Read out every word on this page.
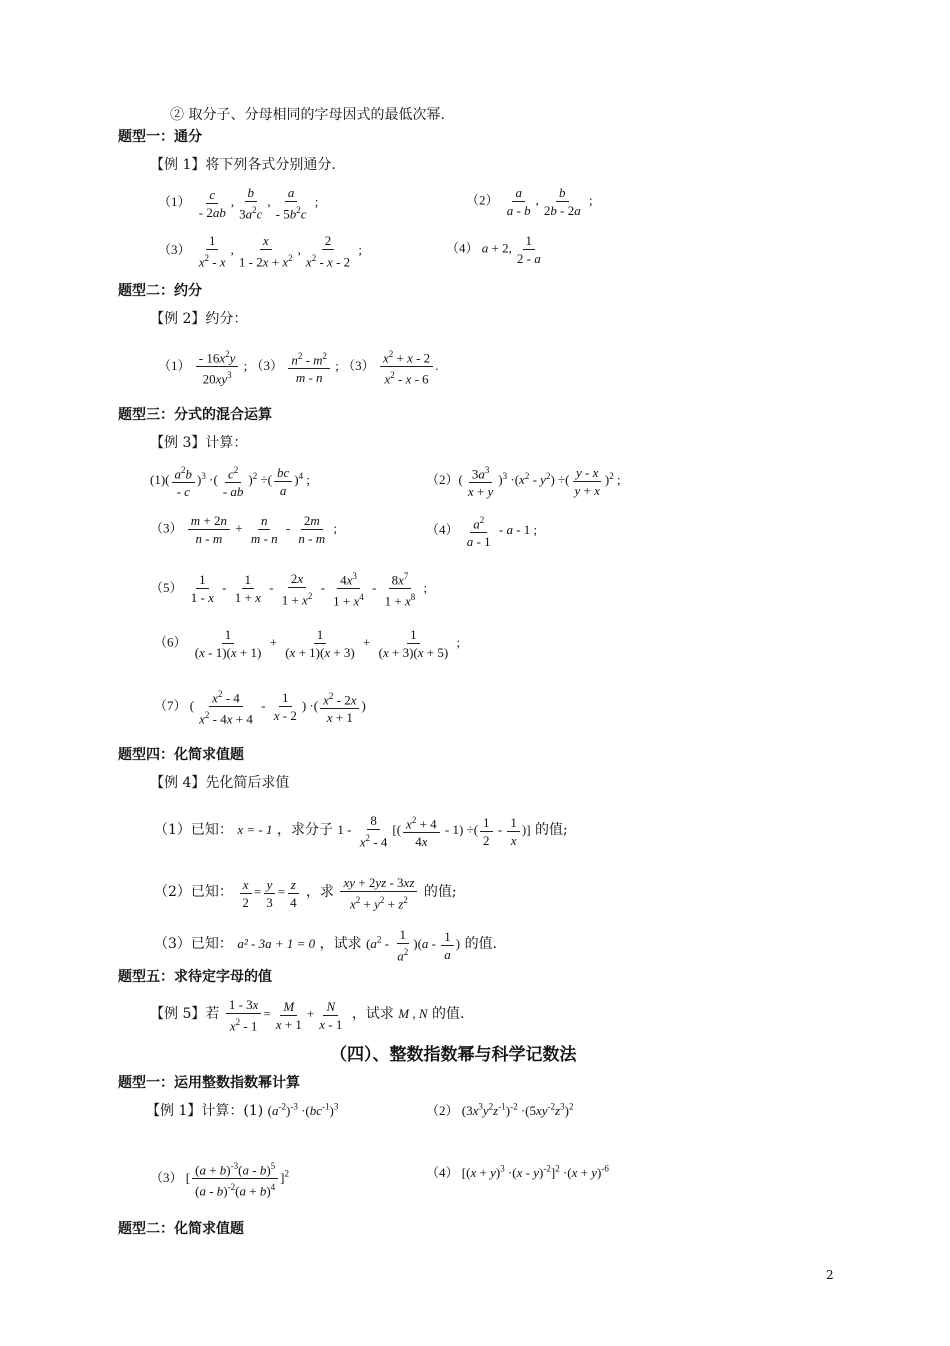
② 取分子、分母相同的字母因式的最低次幂.
题型一：通分
【例 1】将下列各式分别通分.
$(1) \frac{c}{- 2ab}$ , $\frac{b}{3a^2c}$ , $\frac{a}{- 5b^2c}$ ;	$(2) \frac{a}{a - b}$ , $\frac{b}{2b - 2a}$ ;
$(3) \frac{1}{x^2 - x}$ , $\frac{x}{1 - 2x + x^2}$ , $\frac{2}{x^2 - x - 2}$ ;	（4） a + 2, $\frac{1}{2 - a}$
题型二：约分
【例 2】约分：
$(1) \frac{- 16x^2y}{20xy^3}$ ; $(3) \frac{n^2 - m^2}{m - n}$ ; $(3) \frac{x^2 + x - 2}{x^2 - x - 6}$ .
题型三：分式的混合运算
【例 3】计算：
$(1)( \frac{a^2b}{- c} )^3$ ·( $\frac{c^2}{- ab} )^2$ ÷( $\frac{bc}{a} )^4$ ;	$(2)( \frac{3a^3}{x + y} )^3 \cdot(x^2 - y^2)$ ÷( $\frac{y - x}{y + x} )^2$ ;
$(3) \frac{m + 2n}{n - m} + \frac{n}{m - n} - \frac{2m}{n - m}$ ;	$(4) \frac{a^2}{a - 1}$ - a - 1 ;
$(5) \frac{1}{1 - x} - \frac{1}{1 + x} - \frac{2x}{1 + x^2} - \frac{4x^3}{1 + x^4} - \frac{8x^7}{1 + x^8}$ ;
$(6) \frac{1}{(x - 1)(x + 1)} + \frac{1}{(x + 1)(x + 3)} + \frac{1}{(x + 3)(x + 5)}$ ;
（7） ( $\frac{x^2 - 4}{x^2 - 4x + 4} - \frac{1}{x - 2}$ ) ·( $\frac{x^2 - 2x}{x + 1}$ )
题型四：化简求值题
【例 4】先化简后求值
（1）已知： x = - 1 ，求分子 $1 - \frac{8}{x^2 - 4}$ [( $\frac{x^2 + 4}{4x} - 1$) ÷( $\frac{1}{2} - \frac{1}{x}$ )] 的值;
（2）已知： $\frac{x}{2} = \frac{y}{3} = \frac{z}{4}$ ，求 $\frac{xy + 2yz - 3xz}{x^2 + y^2 + z^2}$ 的值;
（3）已知： a² - 3a + 1 = 0 ，试求 $(a^2 - \frac{1}{a^2} )(a - \frac{1}{a}$ ) 的值.
题型五：求待定字母的值
【例 5】若 $\frac{1 - 3x}{x^2 - 1} = \frac{M}{x + 1} + \frac{N}{x - 1}$ ，试求 M , N 的值.
（四）、整数指数幂与科学记数法
题型一：运用整数指数幂计算
【例 1】计算：(1) $(a^{-2})^{-3} \cdot(bc^{-1})^3$	（2） $(3x^3y^2z^{-1})^{-2} \cdot(5xy^{-2}z^3)^2$
（3） [ $\frac{(a + b)^{-3}(a - b)^5}{(a - b)^{-2}(a + b)^4} ]^2$	（4） $[(x + y)^3 \cdot(x - y)^{-2}]^2 \cdot(x + y)^{-6}$
题型二：化简求值题
2
